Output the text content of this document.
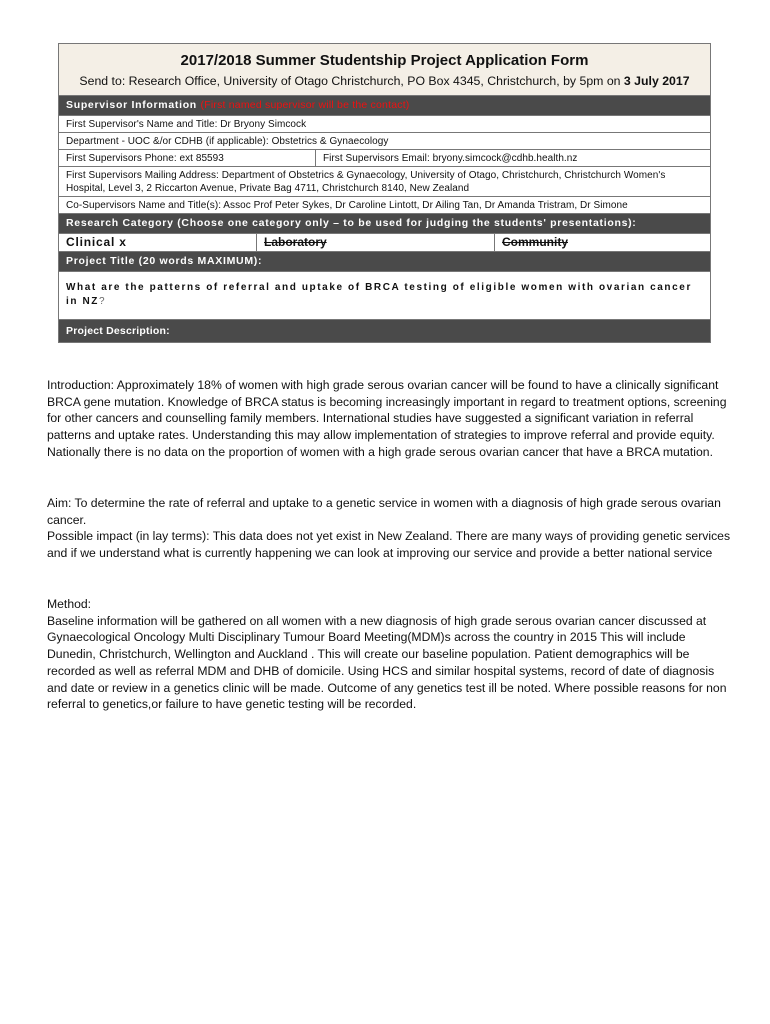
2017/2018 Summer Studentship Project Application Form
Send to: Research Office, University of Otago Christchurch, PO Box 4345, Christchurch, by 5pm on 3 July 2017
Supervisor Information (First named supervisor will be the contact)
First Supervisor's Name and Title: Dr Bryony Simcock
Department - UOC &/or CDHB (if applicable): Obstetrics & Gynaecology
First Supervisors Phone: ext 85593	First Supervisors Email: bryony.simcock@cdhb.health.nz
First Supervisors Mailing Address: Department of Obstetrics & Gynaecology, University of Otago, Christchurch, Christchurch Women's Hospital, Level 3, 2 Riccarton Avenue, Private Bag 4711, Christchurch 8140, New Zealand
Co-Supervisors Name and Title(s): Assoc Prof Peter Sykes, Dr Caroline Lintott, Dr Ailing Tan, Dr Amanda Tristram, Dr Simone
Research Category (Choose one category only – to be used for judging the students' presentations):
Clinical x	Laboratory	Community
Project Title (20 words MAXIMUM):
What are the patterns of referral and uptake of BRCA testing of eligible women with ovarian cancer in NZ?
Project Description:

Introduction: Approximately 18% of women with high grade serous ovarian cancer will be found to have a clinically significant BRCA gene mutation. Knowledge of BRCA status is becoming increasingly important in regard to treatment options, screening for other cancers and counselling family members. International studies have suggested a significant variation in referral patterns and uptake rates. Understanding this may allow implementation of strategies to improve referral and provide equity. Nationally there is no data on the proportion of women with a high grade serous ovarian cancer that have a BRCA mutation.

Aim: To determine the rate of referral and uptake to a genetic service in women with a diagnosis of high grade serous ovarian cancer.

Possible impact (in lay terms): This data does not yet exist in New Zealand. There are many ways of providing genetic services and if we understand what is currently happening we can look at improving our service and provide a better national service

Method:

Baseline information will be gathered on all women with a new diagnosis of high grade serous ovarian cancer discussed at Gynaecological Oncology Multi Disciplinary Tumour Board Meeting(MDM)s across the country in 2015 This will include Dunedin, Christchurch, Wellington and Auckland . This will create our baseline population. Patient demographics will be recorded as well as referral MDM and DHB of domicile. Using HCS and similar hospital systems, record of date of diagnosis and date or review in a genetics clinic will be made. Outcome of any genetics test ill be noted. Where possible reasons for non referral to genetics,or failure to have genetic testing will be recorded.
